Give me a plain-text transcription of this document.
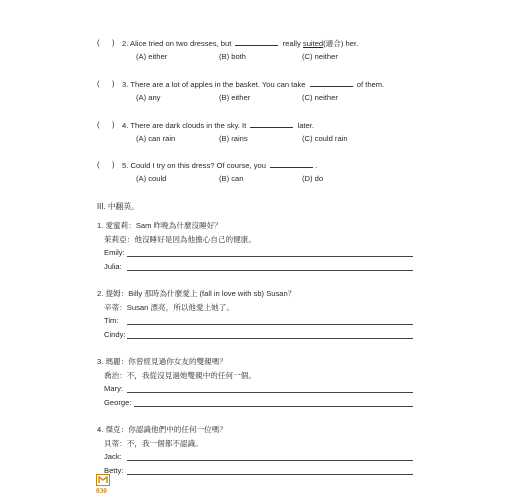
( ) 2. Alice tried on two dresses, but	really suited(適合) her.
(A) either	(B) both	(C) neither
( ) 3. There are a lot of apples in the basket. You can take	of them.
(A) any	(B) either	(C) neither
( ) 4. There are dark clouds in the sky. It	later.
(A) can rain	(B) rains	(C) could rain
( ) 5. Could I try on this dress? Of course, you	.
(A) could	(B) can	(D) do
III. 中翻英。
1. 愛蜜莉：Sam 昨晚為什麼沒睡好？
茱莉亞：他沒睡好是因為他擔心自己的健康。
Emily:
Julia:
2. 提姆：Billy 那時為什麼愛上 (fall in love with sb) Susan？
辛蒂：Susan 漂亮，所以他愛上她了。
Tim:
Cindy:
3. 瑪麗：你曾經見過你女友的雙親嗎？
喬治：不，我從沒見過她雙親中的任何一個。
Mary:
George:
4. 傑克：你認識他們中的任何一位嗎？
貝蒂：不，我一個都不認識。
Jack:
Betty:
030
